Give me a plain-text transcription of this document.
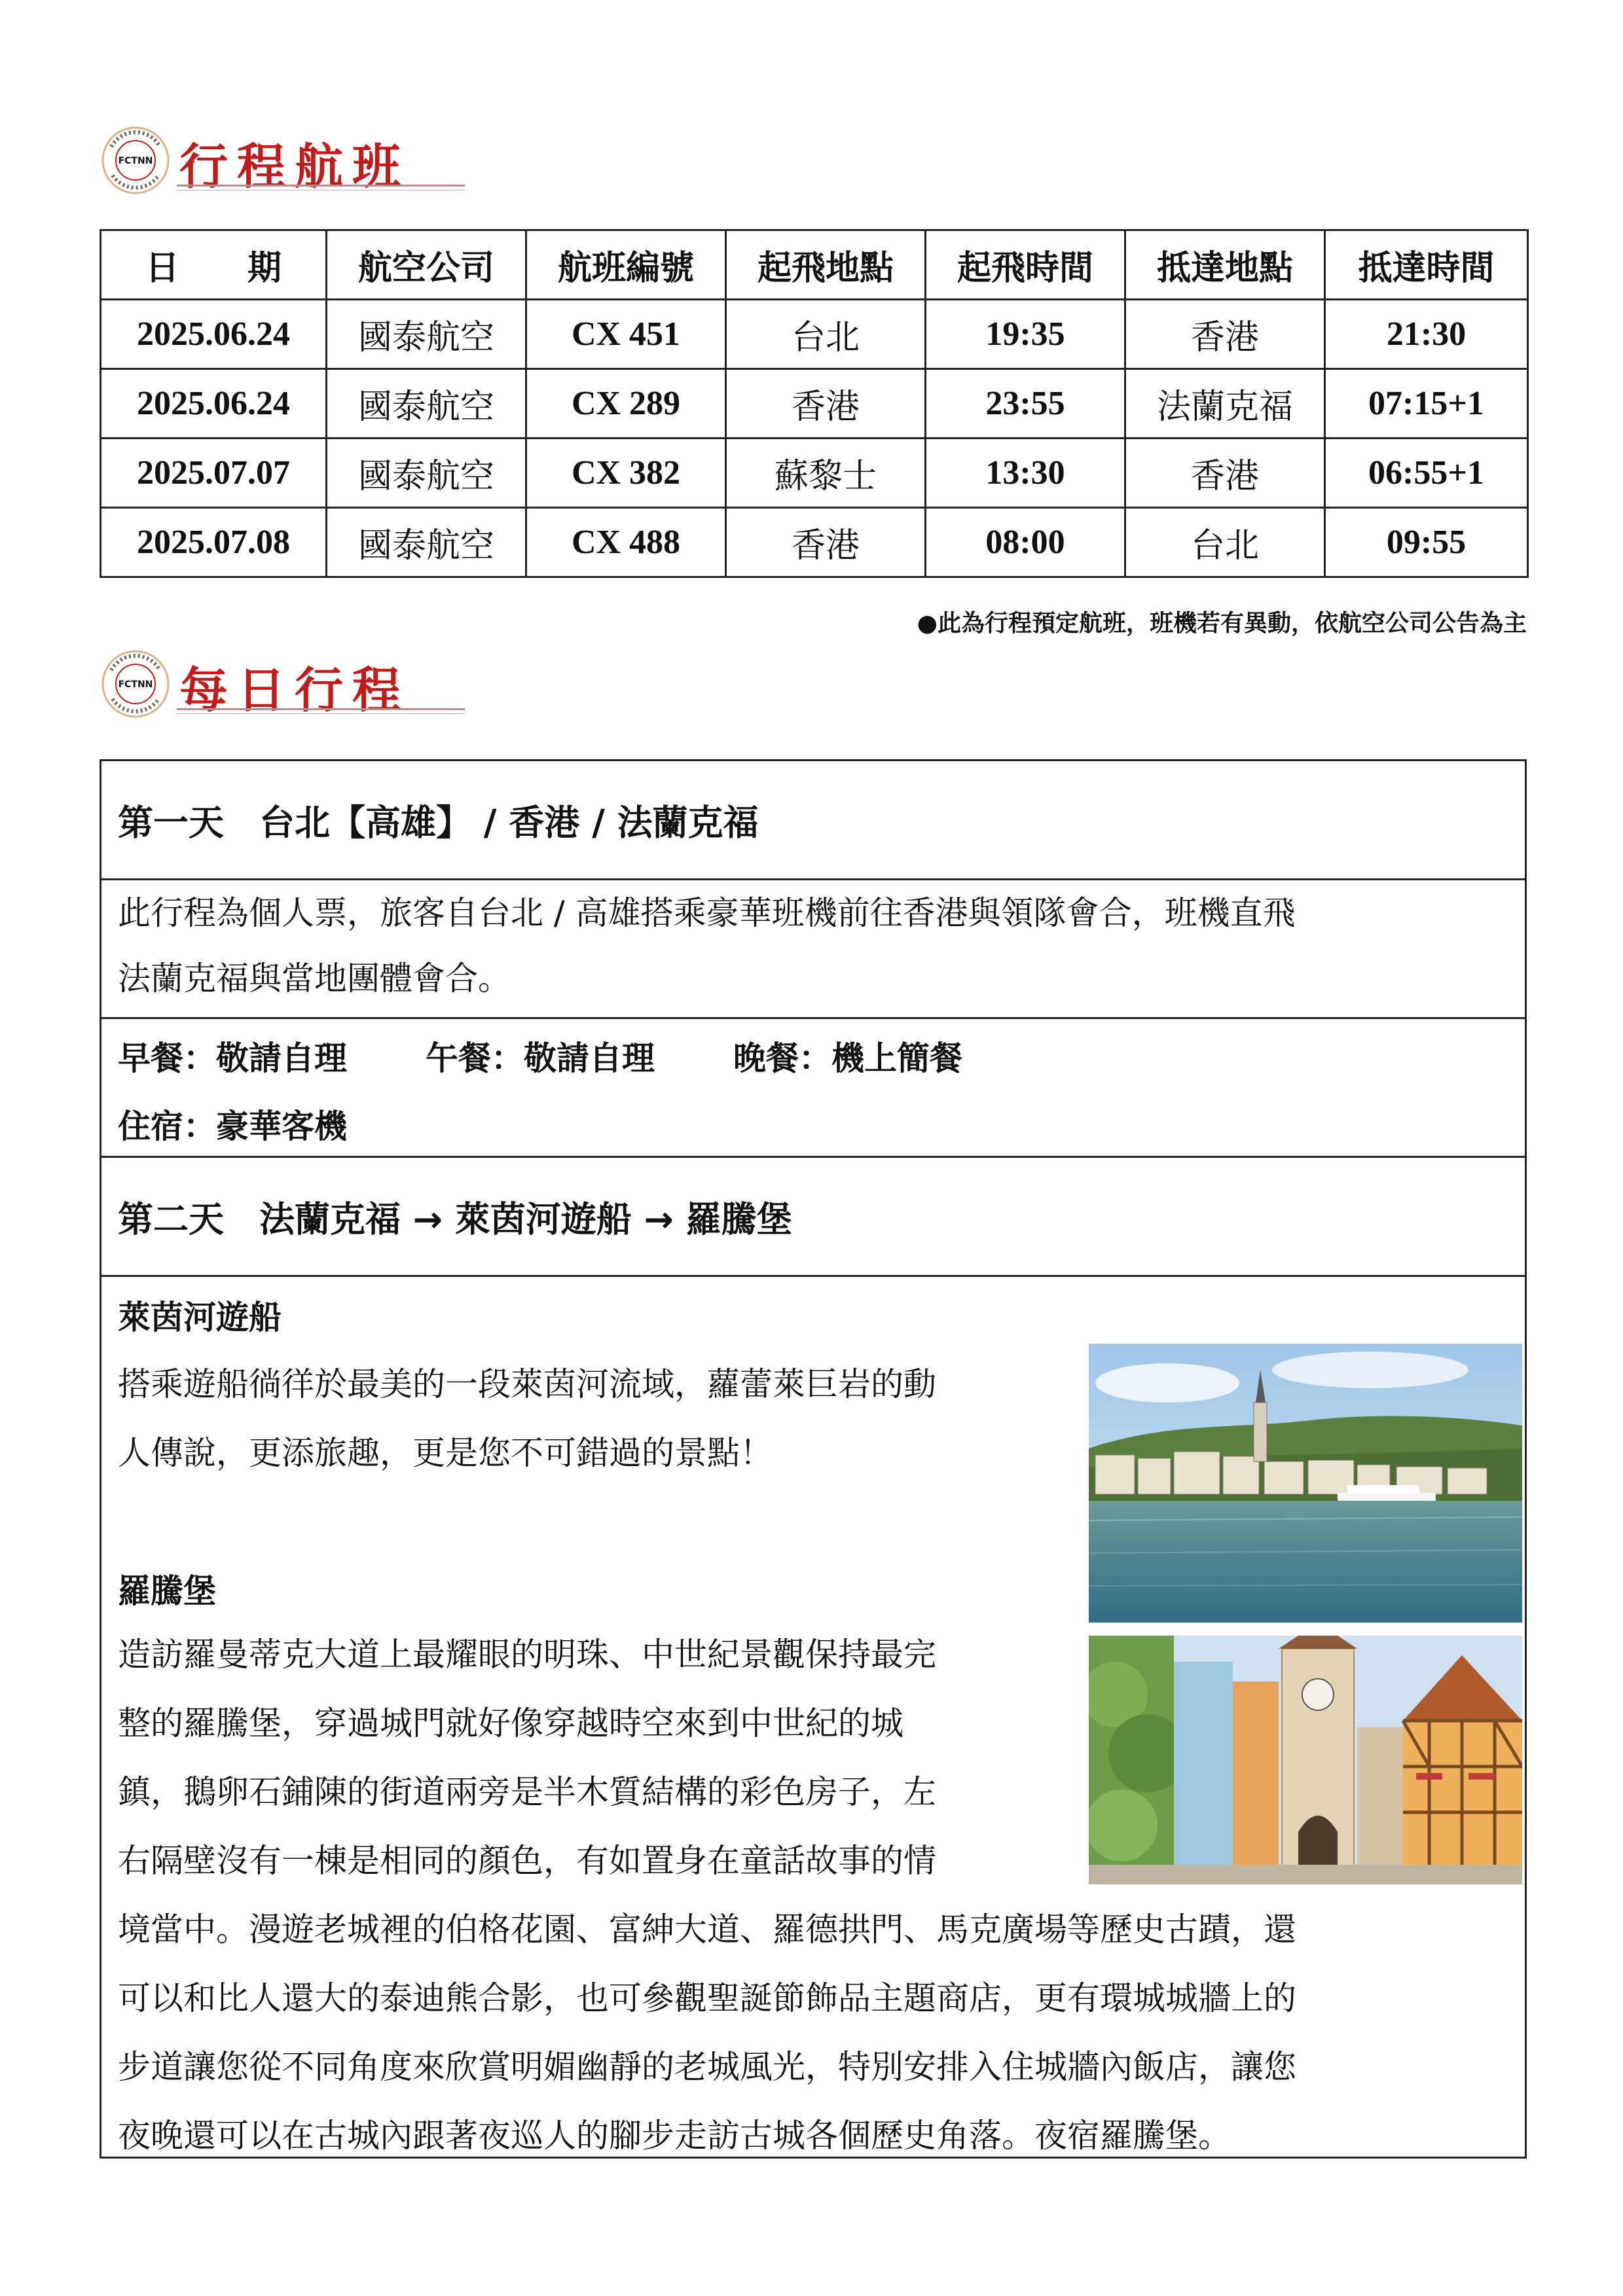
FCTNN 行程航班
日　　期	航空公司	航班編號	起飛地點	起飛時間	抵達地點	抵達時間
2025.06.24	國泰航空	CX 451	台北	19:35	香港	21:30
2025.06.24	國泰航空	CX 289	香港	23:55	法蘭克福	07:15+1
2025.07.07	國泰航空	CX 382	蘇黎士	13:30	香港	06:55+1
2025.07.08	國泰航空	CX 488	香港	08:00	台北	09:55
●此為行程預定航班，班機若有異動，依航空公司公告為主
FCTNN 每日行程
第一天　台北【高雄】 / 香港 / 法蘭克福
此行程為個人票，旅客自台北 / 高雄搭乘豪華班機前往香港與領隊會合，班機直飛
法蘭克福與當地團體會合。
早餐：敬請自理 午餐：敬請自理 晚餐：機上簡餐
住宿：豪華客機
第二天　法蘭克福 → 萊茵河遊船 → 羅騰堡
萊茵河遊船
搭乘遊船徜徉於最美的一段萊茵河流域，蘿蕾萊巨岩的動
人傳說，更添旅趣，更是您不可錯過的景點！
羅騰堡
造訪羅曼蒂克大道上最耀眼的明珠、中世紀景觀保持最完
整的羅騰堡，穿過城門就好像穿越時空來到中世紀的城
鎮，鵝卵石鋪陳的街道兩旁是半木質結構的彩色房子，左
右隔壁沒有一棟是相同的顏色，有如置身在童話故事的情
境當中。漫遊老城裡的伯格花園、富紳大道、羅德拱門、馬克廣場等歷史古蹟，還
可以和比人還大的泰迪熊合影，也可參觀聖誕節飾品主題商店，更有環城城牆上的
步道讓您從不同角度來欣賞明媚幽靜的老城風光，特別安排入住城牆內飯店，讓您
夜晚還可以在古城內跟著夜巡人的腳步走訪古城各個歷史角落。夜宿羅騰堡。
